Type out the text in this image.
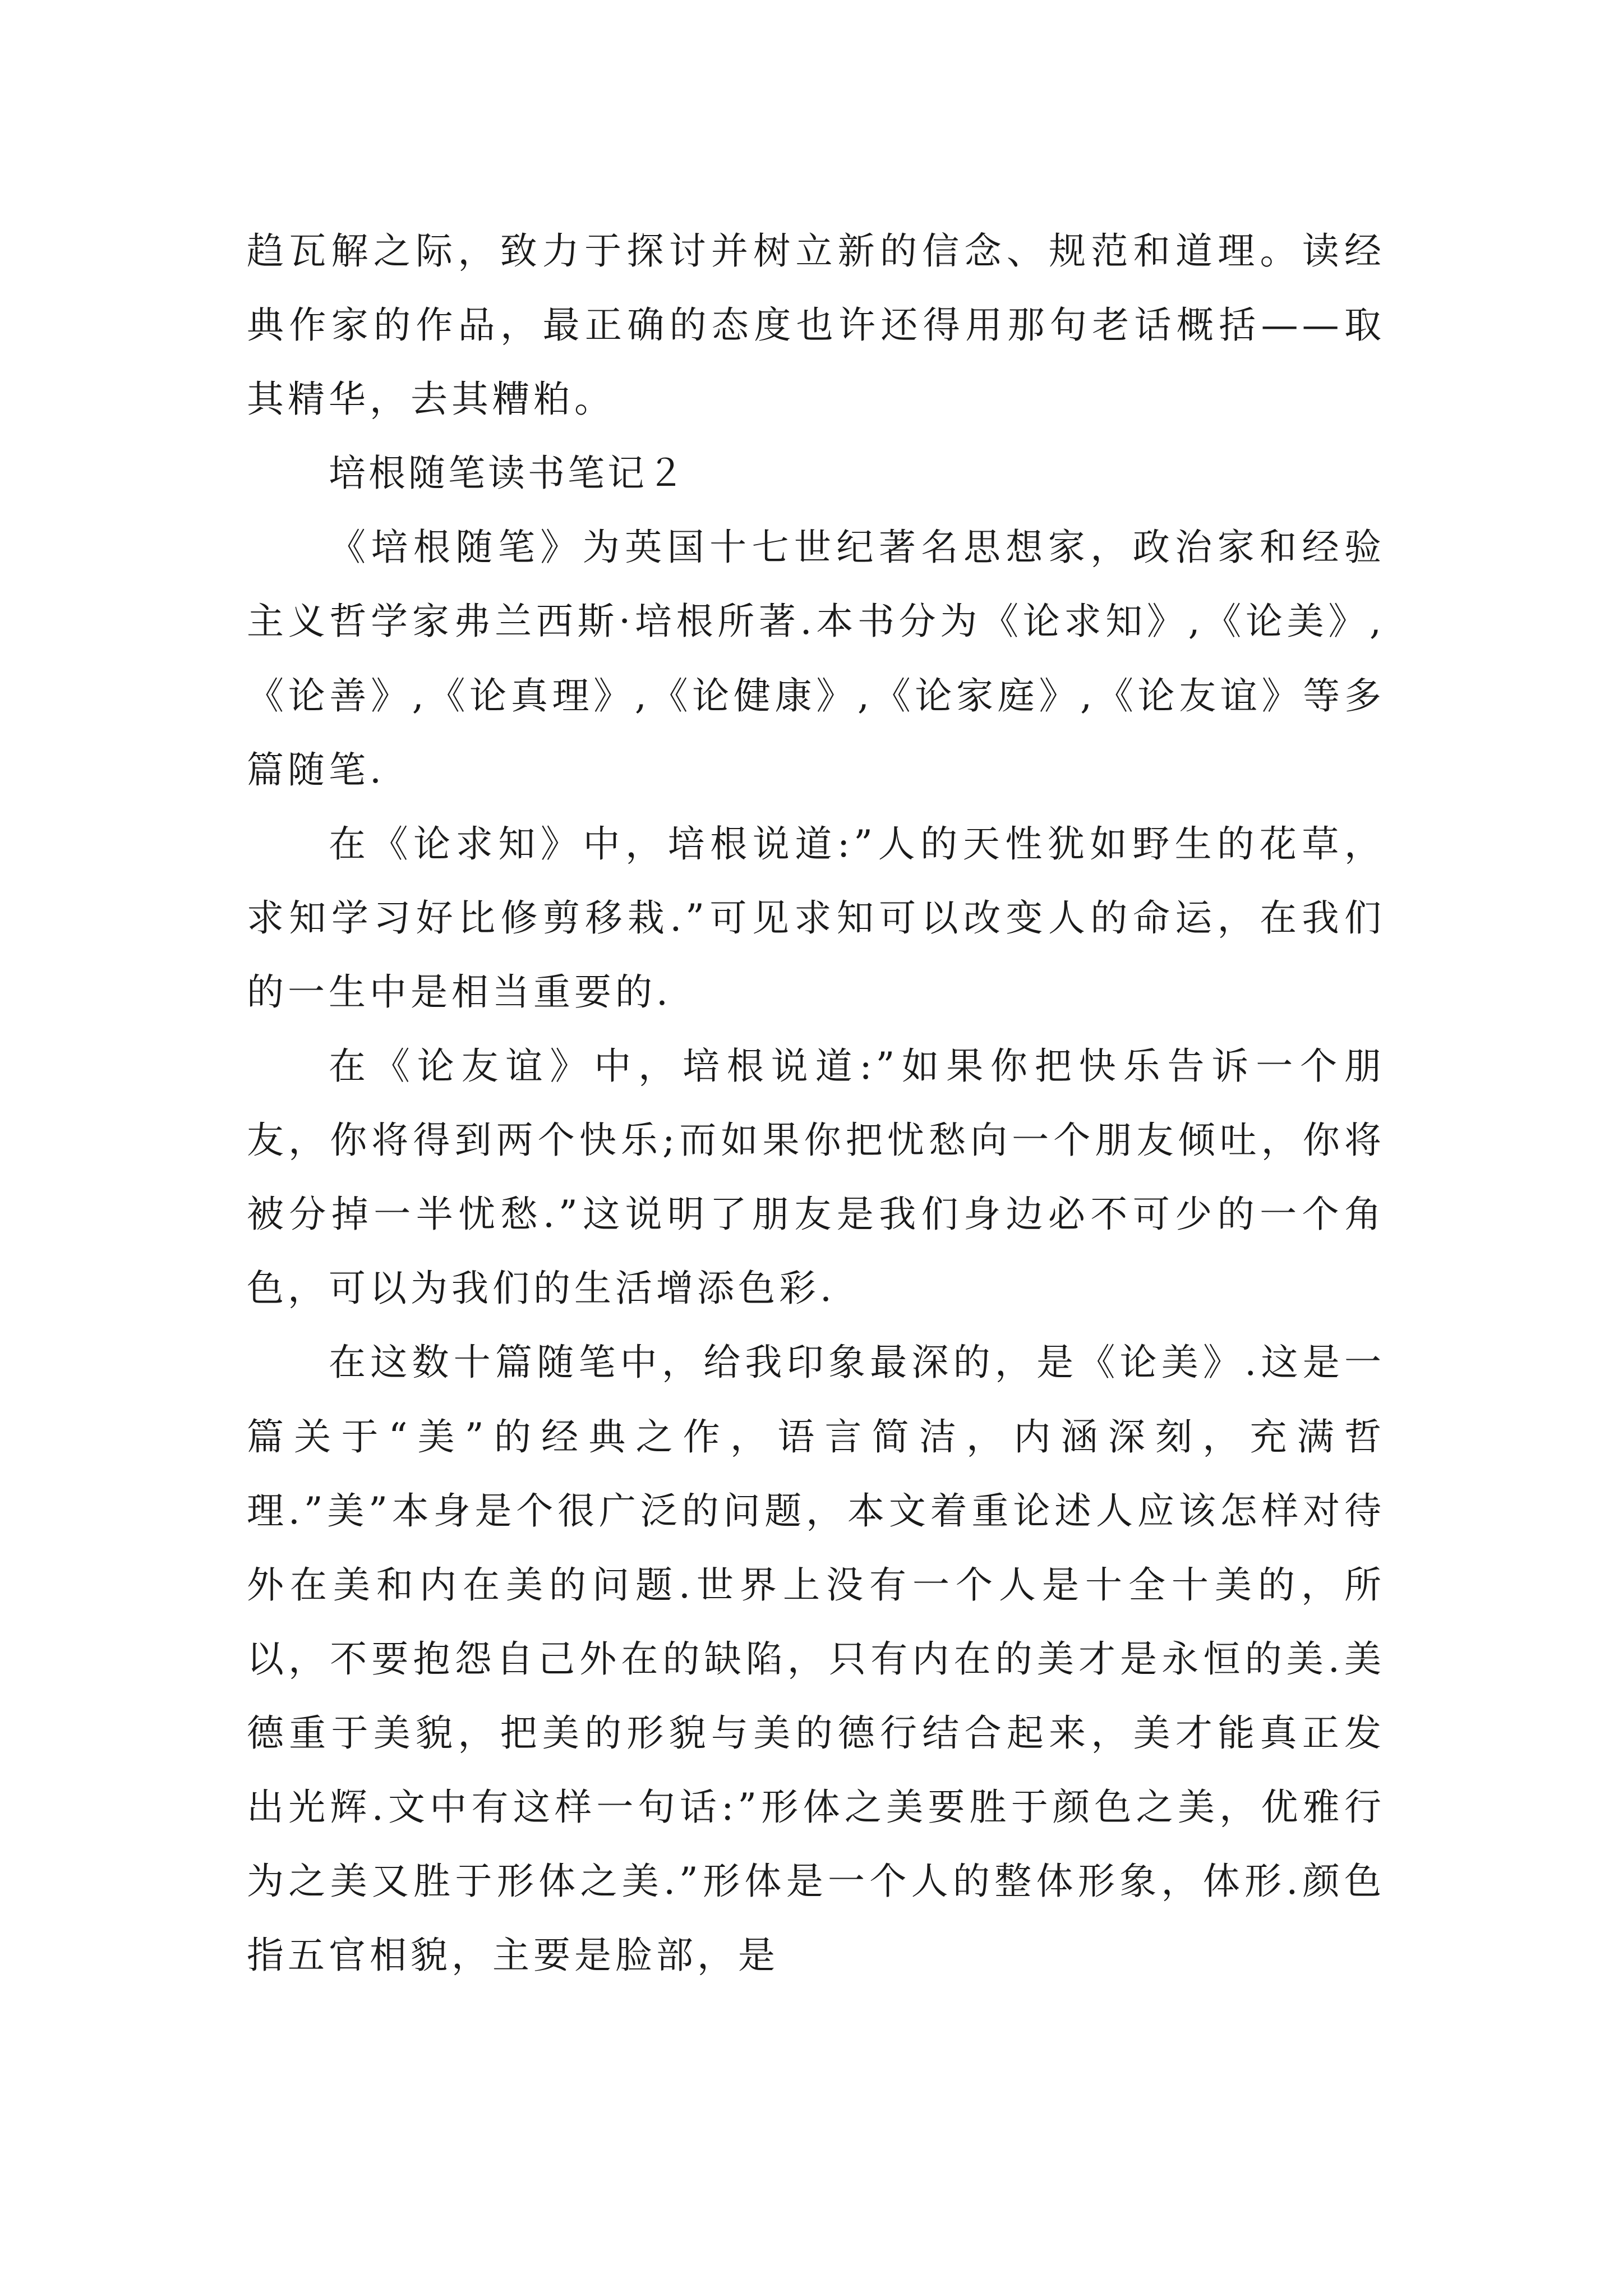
趋瓦解之际，致力于探讨并树立新的信念、规范和道理。读经典作家的作品，最正确的态度也许还得用那句老话概括——取其精华，去其糟粕。

培根随笔读书笔记２

《培根随笔》为英国十七世纪著名思想家，政治家和经验主义哲学家弗兰西斯·培根所著.本书分为《论求知》,《论美》,《论善》,《论真理》,《论健康》,《论家庭》,《论友谊》等多篇随笔.

在《论求知》中，培根说道:”人的天性犹如野生的花草，求知学习好比修剪移栽.”可见求知可以改变人的命运，在我们的一生中是相当重要的.

在《论友谊》中，培根说道:”如果你把快乐告诉一个朋友，你将得到两个快乐;而如果你把忧愁向一个朋友倾吐，你将被分掉一半忧愁.”这说明了朋友是我们身边必不可少的一个角色，可以为我们的生活增添色彩.

在这数十篇随笔中，给我印象最深的，是《论美》.这是一篇关于“美”的经典之作，语言简洁，内涵深刻，充满哲理.”美”本身是个很广泛的问题，本文着重论述人应该怎样对待外在美和内在美的问题.世界上没有一个人是十全十美的，所以，不要抱怨自己外在的缺陷，只有内在的美才是永恒的美.美德重于美貌，把美的形貌与美的德行结合起来，美才能真正发出光辉.文中有这样一句话:”形体之美要胜于颜色之美，优雅行为之美又胜于形体之美.”形体是一个人的整体形象，体形.颜色指五官相貌，主要是脸部，是
